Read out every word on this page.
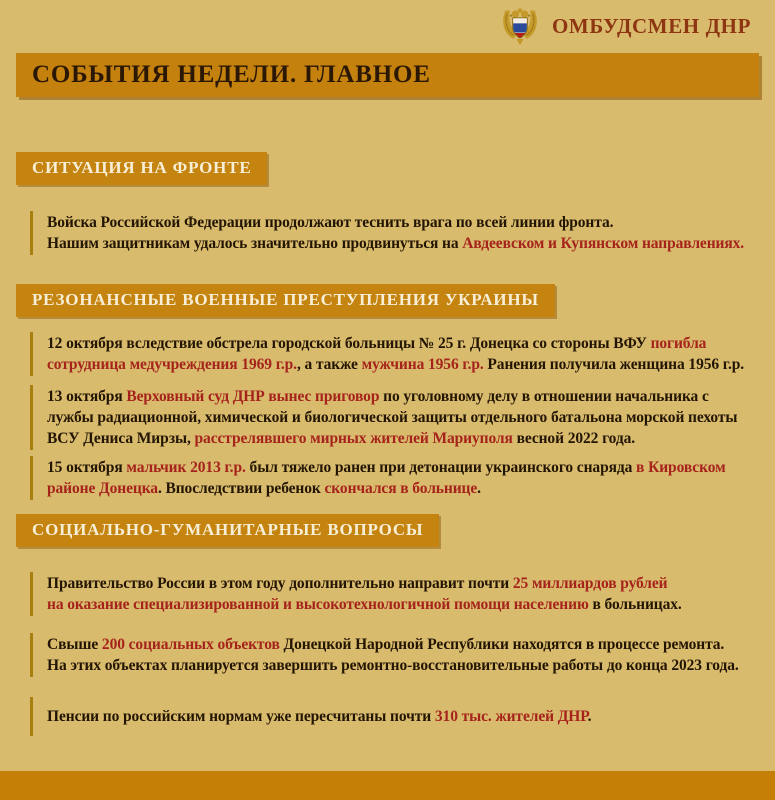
ОМБУДСМЕН ДНР
СОБЫТИЯ НЕДЕЛИ. ГЛАВНОЕ
СИТУАЦИЯ НА ФРОНТЕ
Войска Российской Федерации продолжают теснить врага по всей линии фронта.
Нашим защитникам удалось значительно продвинуться на Авдеевском и Купянском направлениях.
РЕЗОНАНСНЫЕ ВОЕННЫЕ ПРЕСТУПЛЕНИЯ УКРАИНЫ
12 октября вследствие обстрела городской больницы № 25 г. Донецка со стороны ВФУ погибла
сотрудница медучреждения 1969 г.р., а также мужчина 1956 г.р. Ранения получила женщина 1956 г.р.
13 октября Верховный суд ДНР вынес приговор по уголовному делу в отношении начальника с
лужбы радиационной, химической и биологической защиты отдельного батальона морской пехоты
ВСУ Дениса Мирзы, расстрелявшего мирных жителей Мариуполя весной 2022 года.
15 октября мальчик 2013 г.р. был тяжело ранен при детонации украинского снаряда в Кировском
районе Донецка. Впоследствии ребенок скончался в больнице.
СОЦИАЛЬНО-ГУМАНИТАРНЫЕ ВОПРОСЫ
Правительство России в этом году дополнительно направит почти 25 миллиардов рублей
на оказание специализированной и высокотехнологичной помощи населению в больницах.
Свыше 200 социальных объектов Донецкой Народной Республики находятся в процессе ремонта.
На этих объектах планируется завершить ремонтно-восстановительные работы до конца 2023 года.
Пенсии по российским нормам уже пересчитаны почти 310 тыс. жителей ДНР.
